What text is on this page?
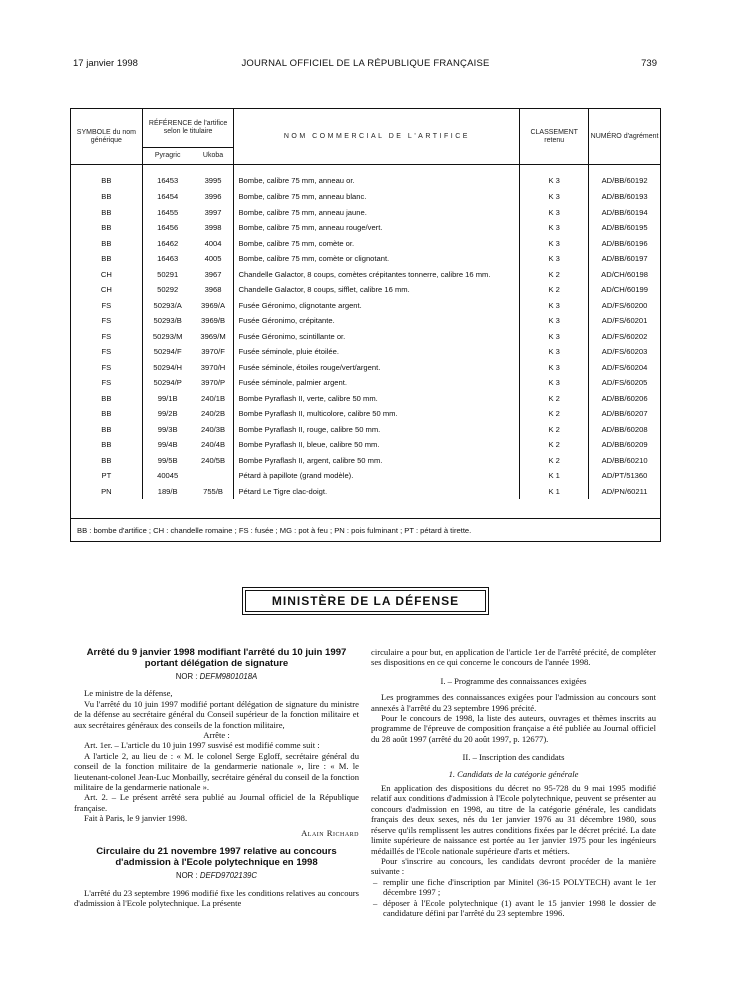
17 janvier 1998	JOURNAL OFFICIEL DE LA RÉPUBLIQUE FRANÇAISE	739
SYMBOLE du nom générique	RÉFÉRENCE de l'artifice selon le titulaire		NOM COMMERCIAL DE L'ARTIFICE	CLASSEMENT retenu	NUMÉRO d'agrément
	Pyragric	Ukoba			
BB	16453	3995	Bombe, calibre 75 mm, anneau or.	K 3	AD/BB/60192
BB	16454	3996	Bombe, calibre 75 mm, anneau blanc.	K 3	AD/BB/60193
BB	16455	3997	Bombe, calibre 75 mm, anneau jaune.	K 3	AD/BB/60194
BB	16456	3998	Bombe, calibre 75 mm, anneau rouge/vert.	K 3	AD/BB/60195
BB	16462	4004	Bombe, calibre 75 mm, comète or.	K 3	AD/BB/60196
BB	16463	4005	Bombe, calibre 75 mm, comète or clignotant.	K 3	AD/BB/60197
CH	50291	3967	Chandelle Galactor, 8 coups, comètes crépitantes tonnerre, calibre 16 mm.	K 2	AD/CH/60198
CH	50292	3968	Chandelle Galactor, 8 coups, sifflet, calibre 16 mm.	K 2	AD/CH/60199
FS	50293/A	3969/A	Fusée Géronimo, clignotante argent.	K 3	AD/FS/60200
FS	50293/B	3969/B	Fusée Géronimo, crépitante.	K 3	AD/FS/60201
FS	50293/M	3969/M	Fusée Géronimo, scintillante or.	K 3	AD/FS/60202
FS	50294/F	3970/F	Fusée séminole, pluie étoilée.	K 3	AD/FS/60203
FS	50294/H	3970/H	Fusée séminole, étoiles rouge/vert/argent.	K 3	AD/FS/60204
FS	50294/P	3970/P	Fusée séminole, palmier argent.	K 3	AD/FS/60205
BB	99/1B	240/1B	Bombe Pyraflash II, verte, calibre 50 mm.	K 2	AD/BB/60206
BB	99/2B	240/2B	Bombe Pyraflash II, multicolore, calibre 50 mm.	K 2	AD/BB/60207
BB	99/3B	240/3B	Bombe Pyraflash II, rouge, calibre 50 mm.	K 2	AD/BB/60208
BB	99/4B	240/4B	Bombe Pyraflash II, bleue, calibre 50 mm.	K 2	AD/BB/60209
BB	99/5B	240/5B	Bombe Pyraflash II, argent, calibre 50 mm.	K 2	AD/BB/60210
PT	40045		Pétard à papillote (grand modèle).	K 1	AD/PT/51360
PN	189/B	755/B	Pétard Le Tigre clac-doigt.	K 1	AD/PN/60211
BB : bombe d'artifice ; CH : chandelle romaine ; FS : fusée ; MG : pot à feu ; PN : pois fulminant ; PT : pétard à tirette.
MINISTÈRE DE LA DÉFENSE

Arrêté du 9 janvier 1998 modifiant l'arrêté du 10 juin 1997 portant délégation de signature

NOR : DEFM9801018A

Le ministre de la défense,

Vu l'arrêté du 10 juin 1997 modifié portant délégation de signature du ministre de la défense au secrétaire général du Conseil supérieur de la fonction militaire et aux secrétaires généraux des conseils de la fonction militaire,

Arrête :

Art. 1er. – L'article du 10 juin 1997 susvisé est modifié comme suit :

A l'article 2, au lieu de : « M. le colonel Serge Egloff, secrétaire général du conseil de la fonction militaire de la gendarmerie nationale », lire : « M. le lieutenant-colonel Jean-Luc Monbailly, secrétaire général du conseil de la fonction militaire de la gendarmerie nationale ».

Art. 2. – Le présent arrêté sera publié au Journal officiel de la République française.

Fait à Paris, le 9 janvier 1998.

Alain Richard

Circulaire du 21 novembre 1997 relative au concours d'admission à l'Ecole polytechnique en 1998

NOR : DEFD9702139C

L'arrêté du 23 septembre 1996 modifié fixe les conditions relatives au concours d'admission à l'Ecole polytechnique. La présente

circulaire a pour but, en application de l'article 1er de l'arrêté précité, de compléter ses dispositions en ce qui concerne le concours de l'année 1998.

I. – Programme des connaissances exigées

Les programmes des connaissances exigées pour l'admission au concours sont annexés à l'arrêté du 23 septembre 1996 précité.

Pour le concours de 1998, la liste des auteurs, ouvrages et thèmes inscrits au programme de l'épreuve de composition française a été publiée au Journal officiel du 28 août 1997 (arrêté du 20 août 1997, p. 12677).

II. – Inscription des candidats

1. Candidats de la catégorie générale

En application des dispositions du décret no 95-728 du 9 mai 1995 modifié relatif aux conditions d'admission à l'Ecole polytechnique, peuvent se présenter au concours d'admission en 1998, au titre de la catégorie générale, les candidats français des deux sexes, nés du 1er janvier 1976 au 31 décembre 1980, sous réserve qu'ils remplissent les autres conditions fixées par le décret précité. La date limite supérieure de naissance est portée au 1er janvier 1975 pour les ingénieurs médaillés de l'Ecole nationale supérieure d'arts et métiers.

Pour s'inscrire au concours, les candidats devront procéder de la manière suivante :

– remplir une fiche d'inscription par Minitel (36-15 POLYTECH) avant le 1er décembre 1997 ;

– déposer à l'Ecole polytechnique (1) avant le 15 janvier 1998 le dossier de candidature défini par l'arrêté du 23 septembre 1996.
